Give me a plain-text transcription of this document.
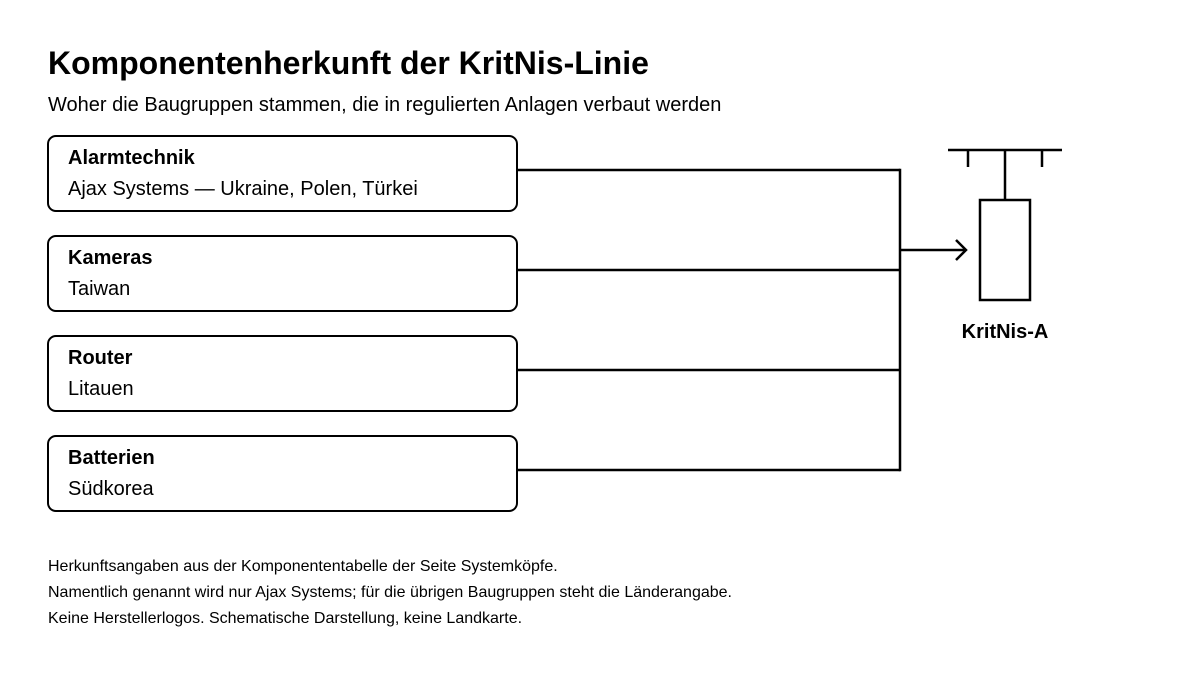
Komponentenherkunft der KritNis-Linie

Woher die Baugruppen stammen, die in regulierten Anlagen verbaut werden

Alarmtechnik
Ajax Systems — Ukraine, Polen, Türkei
Kameras
Taiwan
Router
Litauen
Batterien
Südkorea
KritNis-A
Herkunftsangaben aus der Komponententabelle der Seite Systemköpfe.
Namentlich genannt wird nur Ajax Systems; für die übrigen Baugruppen steht die Länderangabe.
Keine Herstellerlogos. Schematische Darstellung, keine Landkarte.
